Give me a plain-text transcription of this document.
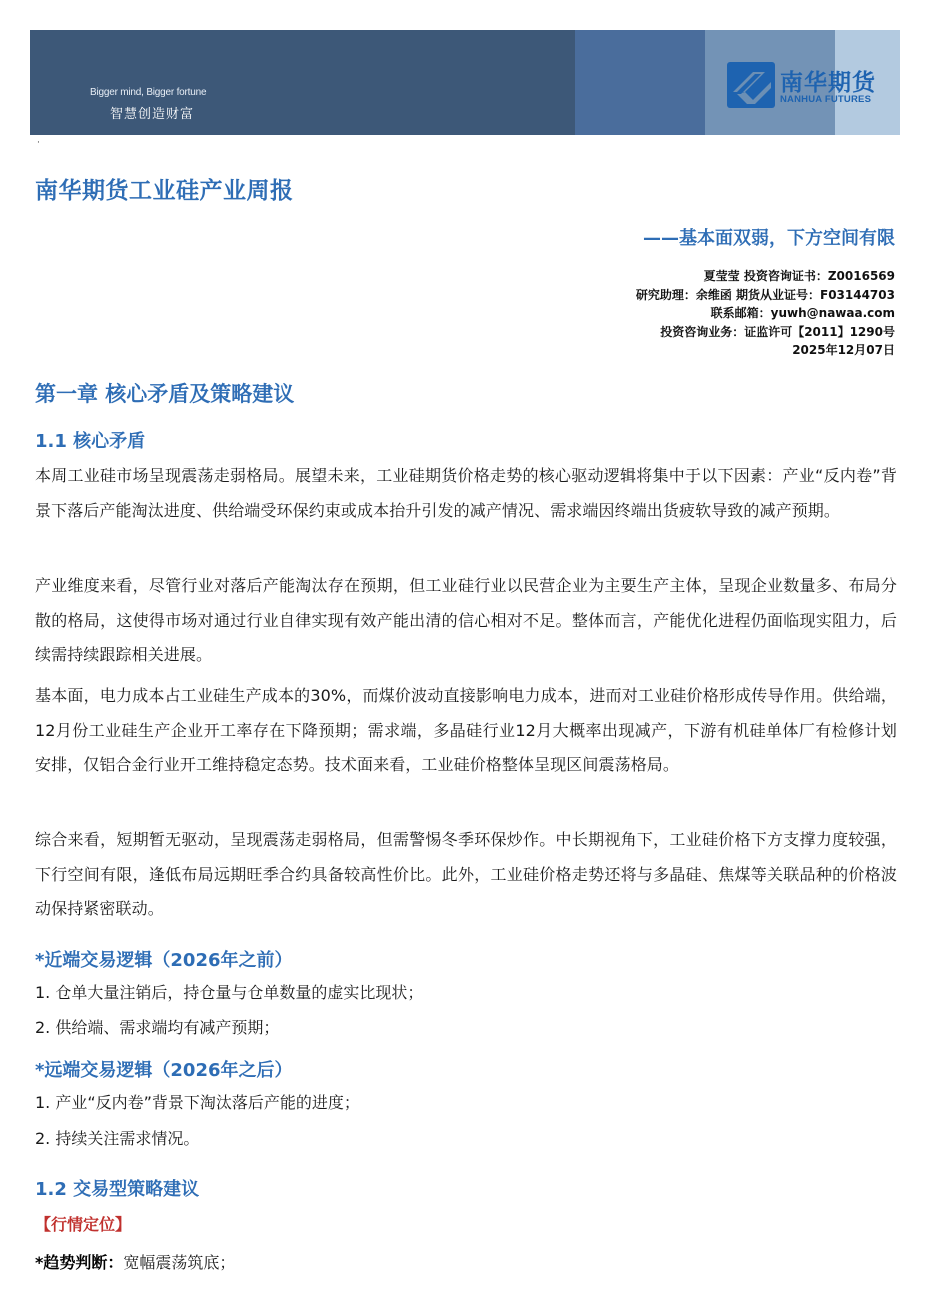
Bigger mind, Bigger fortune
智慧创造财富
南华期货
NANHUA FUTURES
·
南华期货工业硅产业周报
——基本面双弱，下方空间有限
夏莹莹 投资咨询证书：Z0016569
研究助理：余维函 期货从业证号：F03144703
联系邮箱：yuwh@nawaa.com
投资咨询业务：证监许可【2011】1290号
2025年12月07日
第一章 核心矛盾及策略建议
1.1 核心矛盾

本周工业硅市场呈现震荡走弱格局。展望未来，工业硅期货价格走势的核心驱动逻辑将集中于以下因素：产业“反内卷”背景下落后产能淘汰进度、供给端受环保约束或成本抬升引发的减产情况、需求端因终端出货疲软导致的减产预期。

产业维度来看，尽管行业对落后产能淘汰存在预期，但工业硅行业以民营企业为主要生产主体，呈现企业数量多、布局分散的格局，这使得市场对通过行业自律实现有效产能出清的信心相对不足。整体而言，产能优化进程仍面临现实阻力，后续需持续跟踪相关进展。

基本面，电力成本占工业硅生产成本的30%，而煤价波动直接影响电力成本，进而对工业硅价格形成传导作用。供给端，12月份工业硅生产企业开工率存在下降预期；需求端，多晶硅行业12月大概率出现减产，下游有机硅单体厂有检修计划安排，仅铝合金行业开工维持稳定态势。技术面来看，工业硅价格整体呈现区间震荡格局。

综合来看，短期暂无驱动，呈现震荡走弱格局，但需警惕冬季环保炒作。中长期视角下，工业硅价格下方支撑力度较强，下行空间有限，逢低布局远期旺季合约具备较高性价比。此外，工业硅价格走势还将与多晶硅、焦煤等关联品种的价格波动保持紧密联动。

*近端交易逻辑（2026年之前）
1. 仓单大量注销后，持仓量与仓单数量的虚实比现状；
2. 供给端、需求端均有减产预期；
*远端交易逻辑（2026年之后）
1. 产业“反内卷”背景下淘汰落后产能的进度；
2. 持续关注需求情况。
1.2 交易型策略建议
【行情定位】
*趋势判断：宽幅震荡筑底；
